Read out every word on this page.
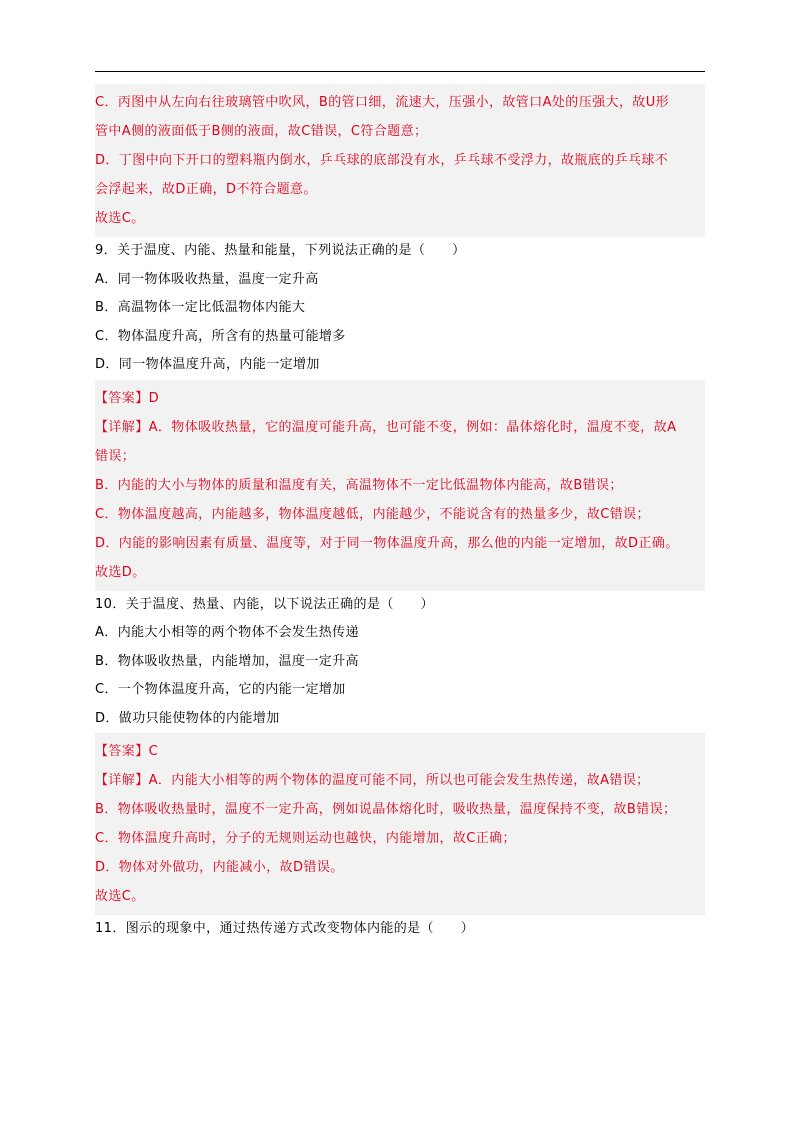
C．丙图中从左向右往玻璃管中吹风，B的管口细，流速大，压强小，故管口A处的压强大，故U形
管中A侧的液面低于B侧的液面，故C错误，C符合题意；
D．丁图中向下开口的塑料瓶内倒水，乒乓球的底部没有水，乒乓球不受浮力，故瓶底的乒乓球不
会浮起来，故D正确，D不符合题意。
故选C。
9．关于温度、内能、热量和能量，下列说法正确的是（　　）
A．同一物体吸收热量，温度一定升高
B．高温物体一定比低温物体内能大
C．物体温度升高，所含有的热量可能增多
D．同一物体温度升高，内能一定增加
【答案】D
【详解】A．物体吸收热量，它的温度可能升高，也可能不变，例如：晶体熔化时，温度不变，故A
错误；
B．内能的大小与物体的质量和温度有关，高温物体不一定比低温物体内能高，故B错误；
C．物体温度越高，内能越多，物体温度越低，内能越少，不能说含有的热量多少，故C错误；
D．内能的影响因素有质量、温度等，对于同一物体温度升高，那么他的内能一定增加，故D正确。
故选D。
10．关于温度、热量、内能，以下说法正确的是（　　）
A．内能大小相等的两个物体不会发生热传递
B．物体吸收热量，内能增加，温度一定升高
C．一个物体温度升高，它的内能一定增加
D．做功只能使物体的内能增加
【答案】C
【详解】A．内能大小相等的两个物体的温度可能不同，所以也可能会发生热传递，故A错误；
B．物体吸收热量时，温度不一定升高，例如说晶体熔化时，吸收热量，温度保持不变，故B错误；
C．物体温度升高时，分子的无规则运动也越快，内能增加，故C正确；
D．物体对外做功，内能减小，故D错误。
故选C。
11．图示的现象中，通过热传递方式改变物体内能的是（　　）
